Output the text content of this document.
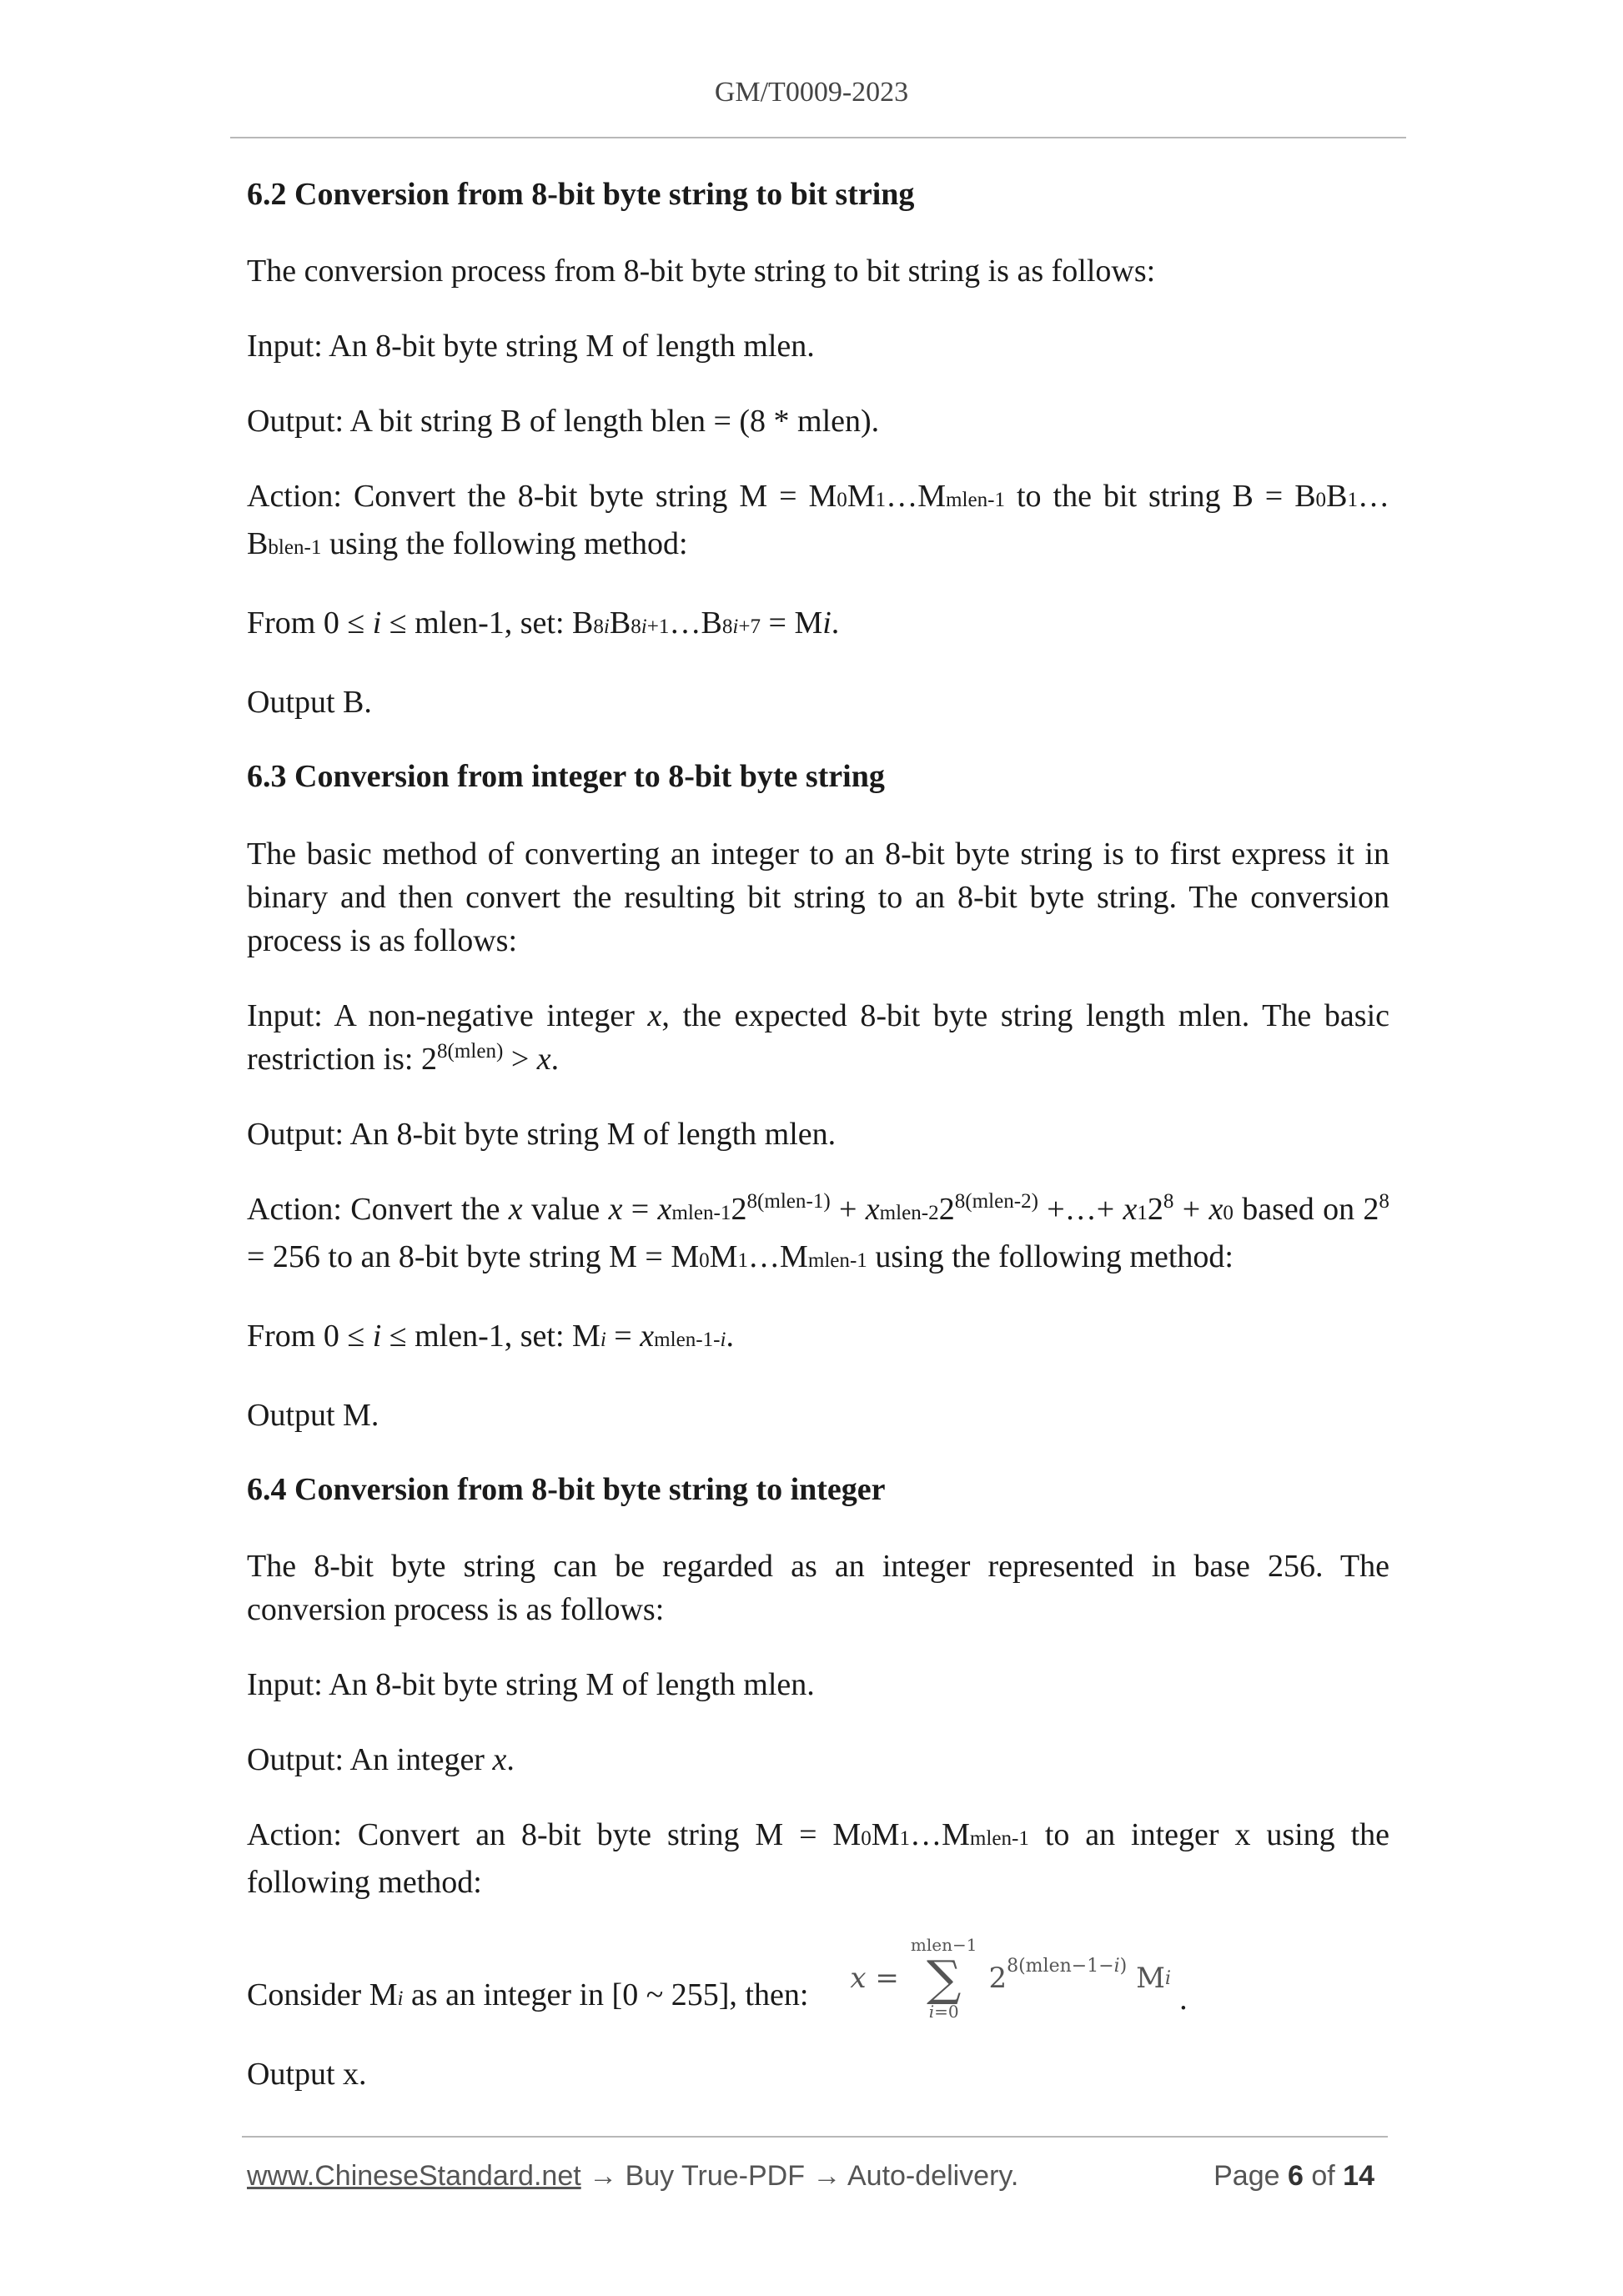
GM/T0009-2023
6.2 Conversion from 8-bit byte string to bit string

The conversion process from 8-bit byte string to bit string is as follows:

Input: An 8-bit byte string M of length mlen.

Output: A bit string B of length blen = (8 * mlen).

Action: Convert the 8-bit byte string M = M0M1…Mmlen-1 to the bit string B = B0B1…Bblen-1 using the following method:

From 0 ≤ i ≤ mlen-1, set: B8iB8i+1…B8i+7 = Mi.

Output B.

6.3 Conversion from integer to 8-bit byte string

The basic method of converting an integer to an 8-bit byte string is to first express it in binary and then convert the resulting bit string to an 8-bit byte string. The conversion process is as follows:

Input: A non-negative integer x, the expected 8-bit byte string length mlen. The basic restriction is: $2^{8(mlen)} > x$.

Output: An 8-bit byte string M of length mlen.

Action: Convert the x value x = xmlen-$12^{8(mlen-1)}$ + xmlen-$22^{8(mlen-2)}$ +…+ $x12^8 + x0$ based on $2^8 = 256$ to an 8-bit byte string M = M0M1…Mmlen-1 using the following method:

From 0 ≤ i ≤ mlen-1, set: Mi = xmlen-1-i.

Output M.

6.4 Conversion from 8-bit byte string to integer

The 8-bit byte string can be regarded as an integer represented in base 256. The conversion process is as follows:

Input: An 8-bit byte string M of length mlen.

Output: An integer x.

Action: Convert an 8-bit byte string M = M0M1…Mmlen-1 to an integer x using the following method:

Consider Mi as an integer in [0 ~ 255], then: x =
mlen−1
∑
i=0
2 8(mlen−1−i) M i
.

Output x.

www.ChineseStandard.net → Buy True-PDF → Auto-delivery.	Page 6 of 14
